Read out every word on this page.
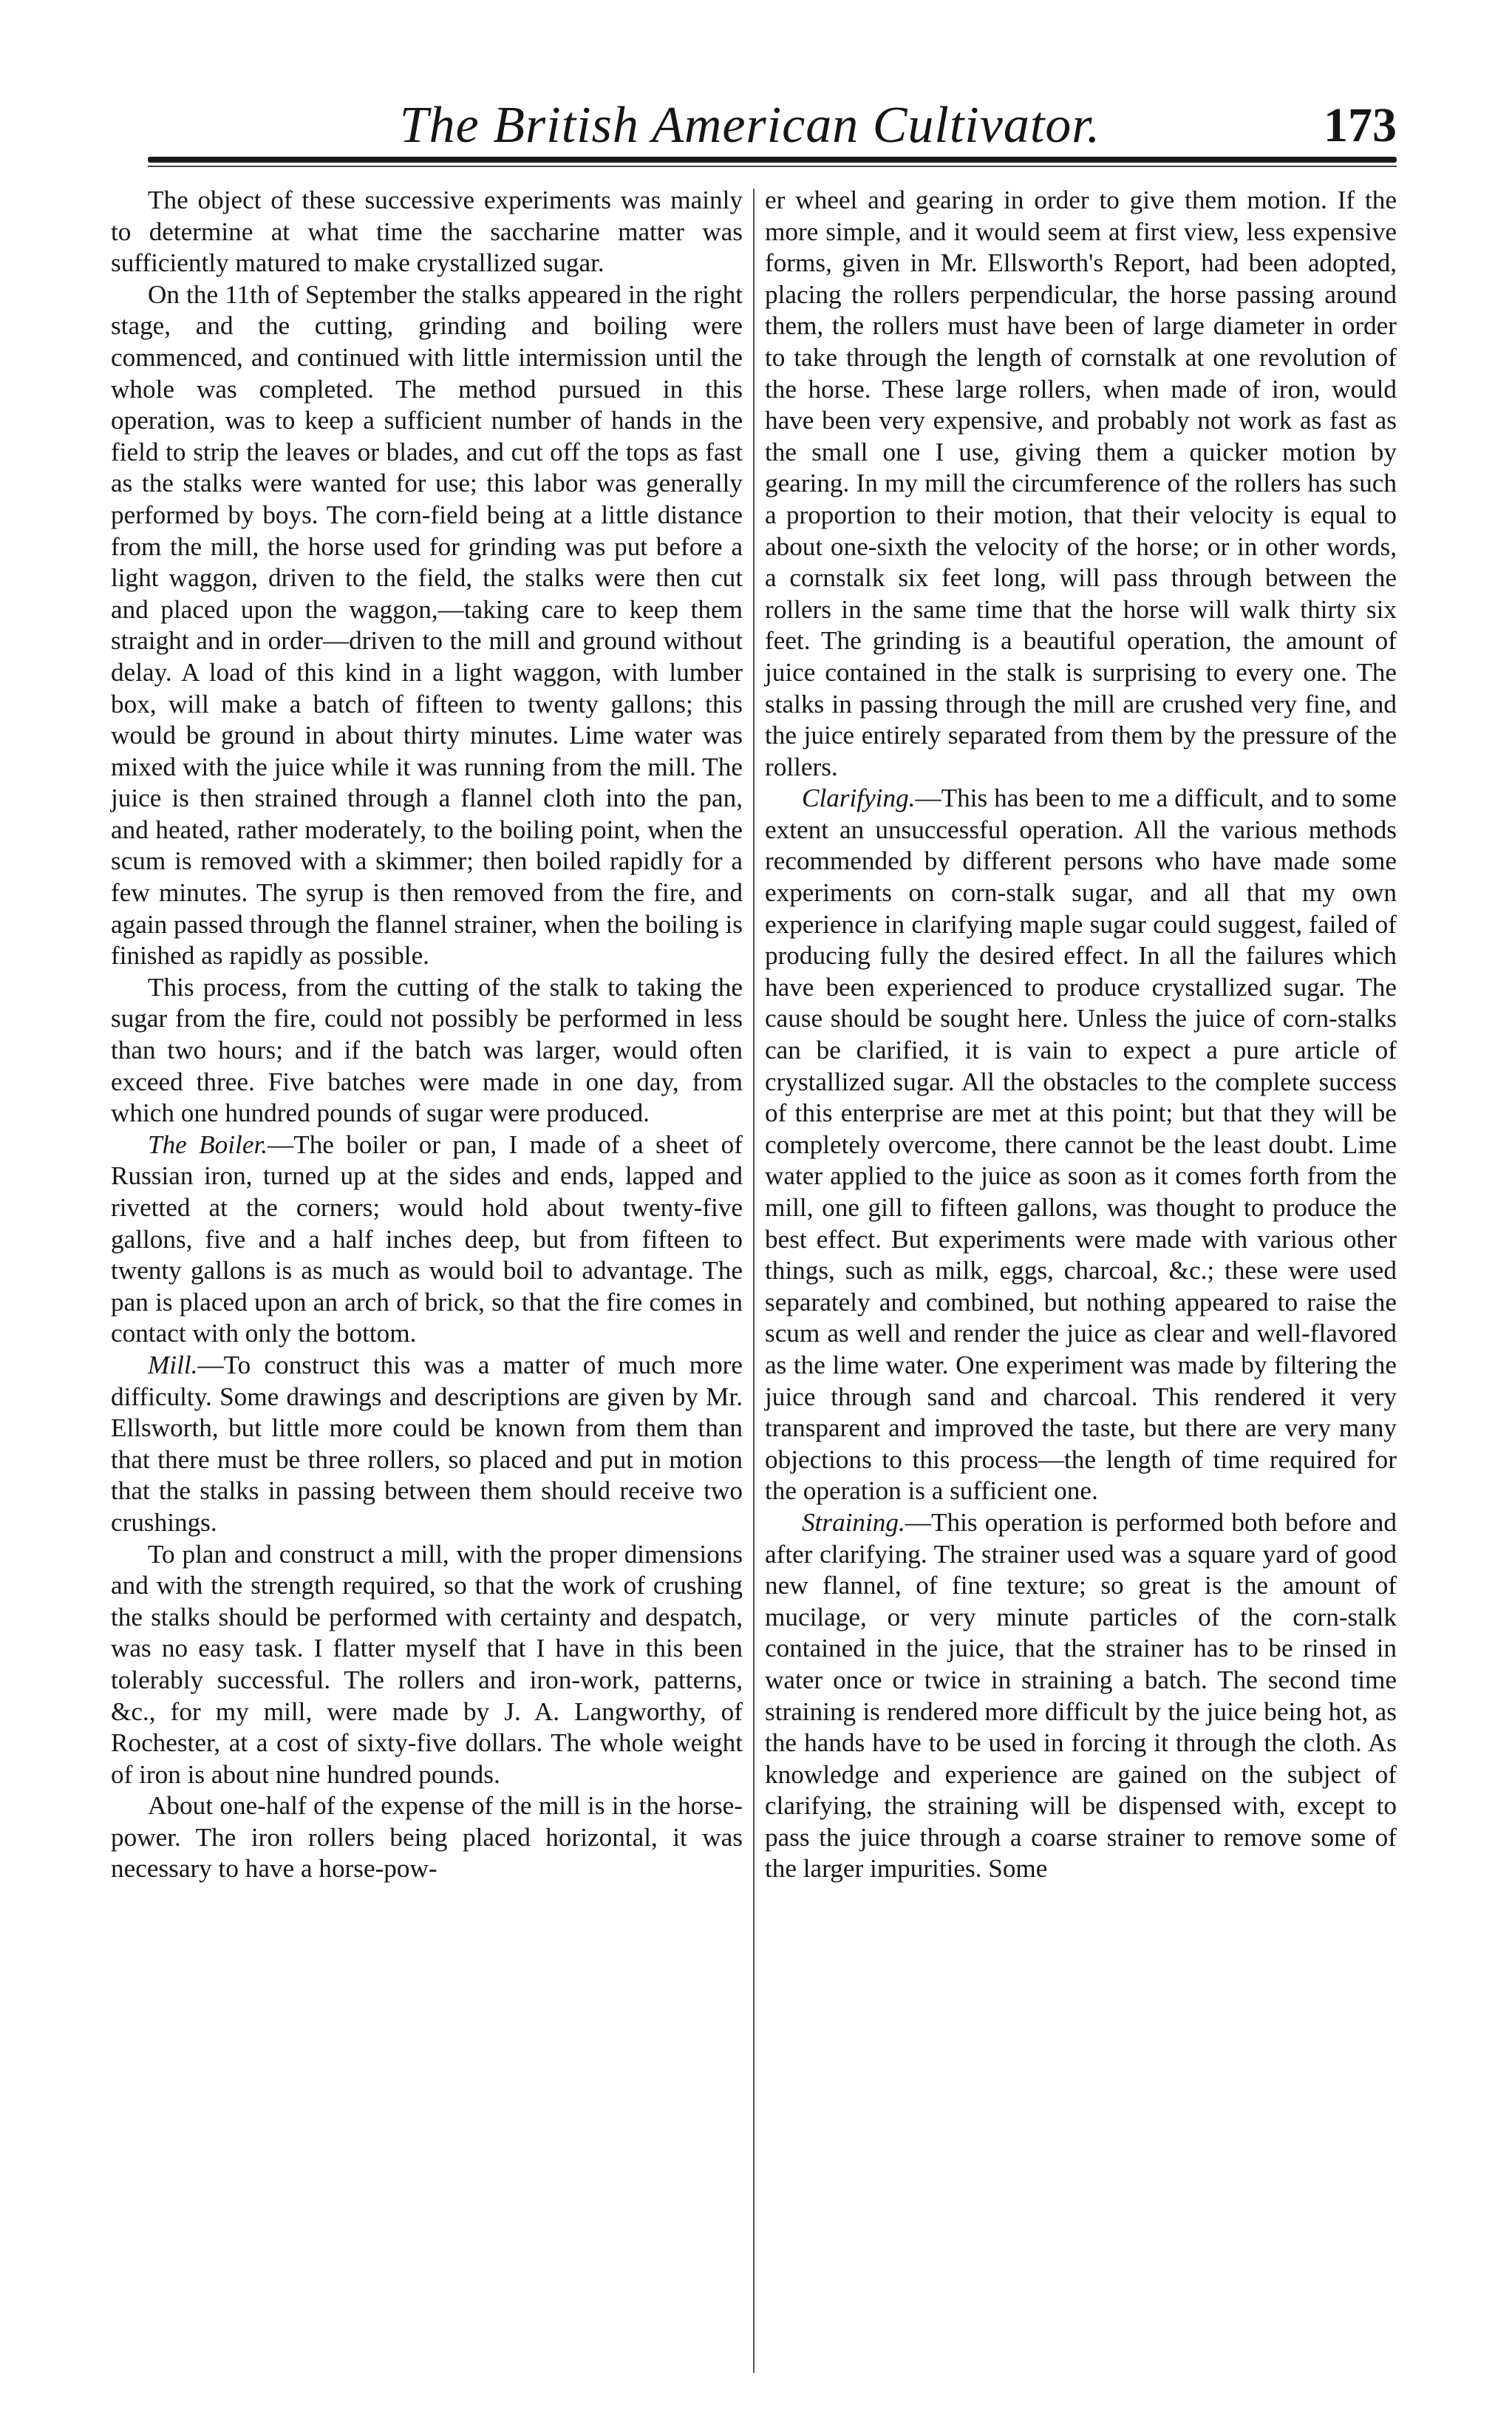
The British American Cultivator.	173

The object of these successive experiments was mainly to determine at what time the saccharine matter was sufficiently matured to make crystallized sugar.

On the 11th of September the stalks appeared in the right stage, and the cutting, grinding and boiling were commenced, and continued with little intermission until the whole was completed. The method pursued in this operation, was to keep a sufficient number of hands in the field to strip the leaves or blades, and cut off the tops as fast as the stalks were wanted for use; this labor was generally performed by boys. The corn-field being at a little distance from the mill, the horse used for grinding was put before a light waggon, driven to the field, the stalks were then cut and placed upon the waggon,—taking care to keep them straight and in order—driven to the mill and ground without delay. A load of this kind in a light waggon, with lumber box, will make a batch of fifteen to twenty gallons; this would be ground in about thirty minutes. Lime water was mixed with the juice while it was running from the mill. The juice is then strained through a flannel cloth into the pan, and heated, rather moderately, to the boiling point, when the scum is removed with a skimmer; then boiled rapidly for a few minutes. The syrup is then removed from the fire, and again passed through the flannel strainer, when the boiling is finished as rapidly as possible.

This process, from the cutting of the stalk to taking the sugar from the fire, could not possibly be performed in less than two hours; and if the batch was larger, would often exceed three. Five batches were made in one day, from which one hundred pounds of sugar were produced.

The Boiler.—The boiler or pan, I made of a sheet of Russian iron, turned up at the sides and ends, lapped and rivetted at the corners; would hold about twenty-five gallons, five and a half inches deep, but from fifteen to twenty gallons is as much as would boil to advantage. The pan is placed upon an arch of brick, so that the fire comes in contact with only the bottom.

Mill.—To construct this was a matter of much more difficulty. Some drawings and descriptions are given by Mr. Ellsworth, but little more could be known from them than that there must be three rollers, so placed and put in motion that the stalks in passing between them should receive two crushings.

To plan and construct a mill, with the proper dimensions and with the strength required, so that the work of crushing the stalks should be performed with certainty and despatch, was no easy task. I flatter myself that I have in this been tolerably successful. The rollers and iron-work, patterns, &c., for my mill, were made by J. A. Langworthy, of Rochester, at a cost of sixty-five dollars. The whole weight of iron is about nine hundred pounds.

About one-half of the expense of the mill is in the horse-power. The iron rollers being placed horizontal, it was necessary to have a horse-pow-

er wheel and gearing in order to give them motion. If the more simple, and it would seem at first view, less expensive forms, given in Mr. Ellsworth's Report, had been adopted, placing the rollers perpendicular, the horse passing around them, the rollers must have been of large diameter in order to take through the length of cornstalk at one revolution of the horse. These large rollers, when made of iron, would have been very expensive, and probably not work as fast as the small one I use, giving them a quicker motion by gearing. In my mill the circumference of the rollers has such a proportion to their motion, that their velocity is equal to about one-sixth the velocity of the horse; or in other words, a cornstalk six feet long, will pass through between the rollers in the same time that the horse will walk thirty six feet. The grinding is a beautiful operation, the amount of juice contained in the stalk is surprising to every one. The stalks in passing through the mill are crushed very fine, and the juice entirely separated from them by the pressure of the rollers.

Clarifying.—This has been to me a difficult, and to some extent an unsuccessful operation. All the various methods recommended by different persons who have made some experiments on corn-stalk sugar, and all that my own experience in clarifying maple sugar could suggest, failed of producing fully the desired effect. In all the failures which have been experienced to produce crystallized sugar. The cause should be sought here. Unless the juice of corn-stalks can be clarified, it is vain to expect a pure article of crystallized sugar. All the obstacles to the complete success of this enterprise are met at this point; but that they will be completely overcome, there cannot be the least doubt. Lime water applied to the juice as soon as it comes forth from the mill, one gill to fifteen gallons, was thought to produce the best effect. But experiments were made with various other things, such as milk, eggs, charcoal, &c.; these were used separately and combined, but nothing appeared to raise the scum as well and render the juice as clear and well-flavored as the lime water. One experiment was made by filtering the juice through sand and charcoal. This rendered it very transparent and improved the taste, but there are very many objections to this process—the length of time required for the operation is a sufficient one.

Straining.—This operation is performed both before and after clarifying. The strainer used was a square yard of good new flannel, of fine texture; so great is the amount of mucilage, or very minute particles of the corn-stalk contained in the juice, that the strainer has to be rinsed in water once or twice in straining a batch. The second time straining is rendered more difficult by the juice being hot, as the hands have to be used in forcing it through the cloth. As knowledge and experience are gained on the subject of clarifying, the straining will be dispensed with, except to pass the juice through a coarse strainer to remove some of the larger impurities. Some
